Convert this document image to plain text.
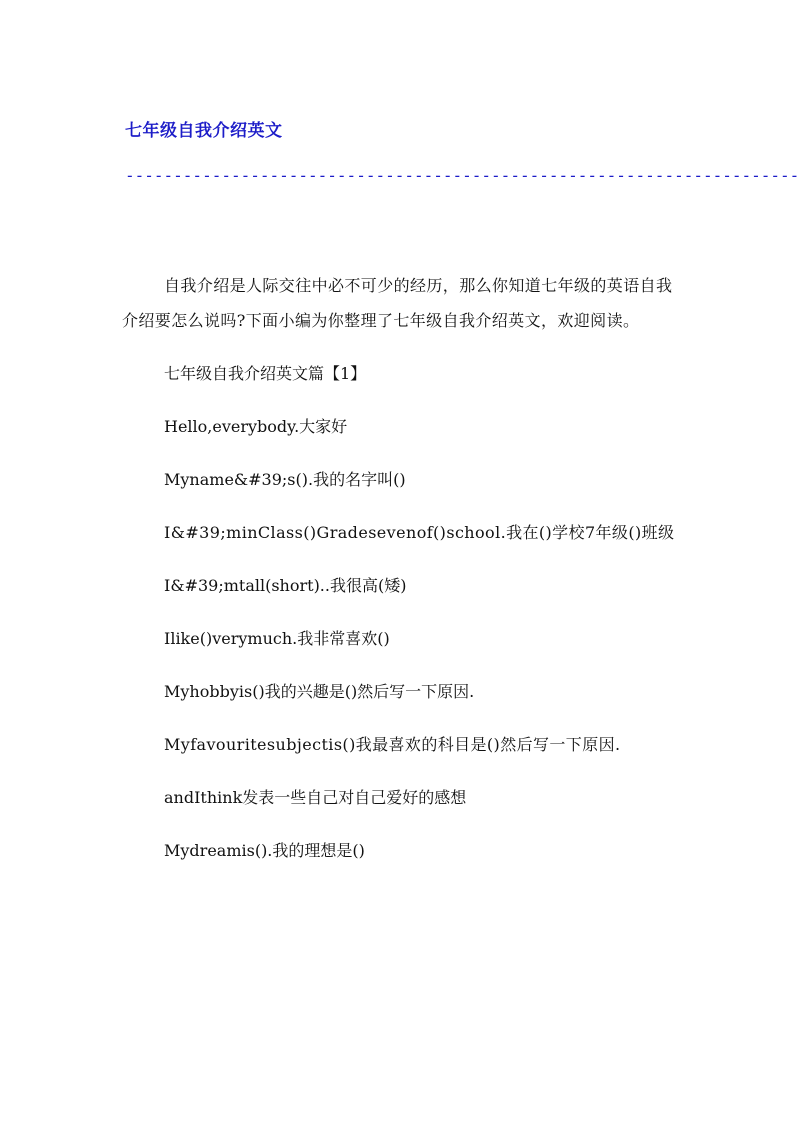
七年级自我介绍英文
----------------------------------------------------------------------

自我介绍是人际交往中必不可少的经历，那么你知道七年级的英语自我介绍要怎么说吗?下面小编为你整理了七年级自我介绍英文，欢迎阅读。

七年级自我介绍英文篇【1】

Hello,everybody.大家好

Myname&#39;s().我的名字叫()

I&#39;minClass()Gradesevenof()school.我在()学校7年级()班级

I&#39;mtall(short)..我很高(矮)

Ilike()verymuch.我非常喜欢()

Myhobbyis()我的兴趣是()然后写一下原因.

Myfavouritesubjectis()我最喜欢的科目是()然后写一下原因.

andIthink发表一些自己对自己爱好的感想

Mydreamis().我的理想是()
